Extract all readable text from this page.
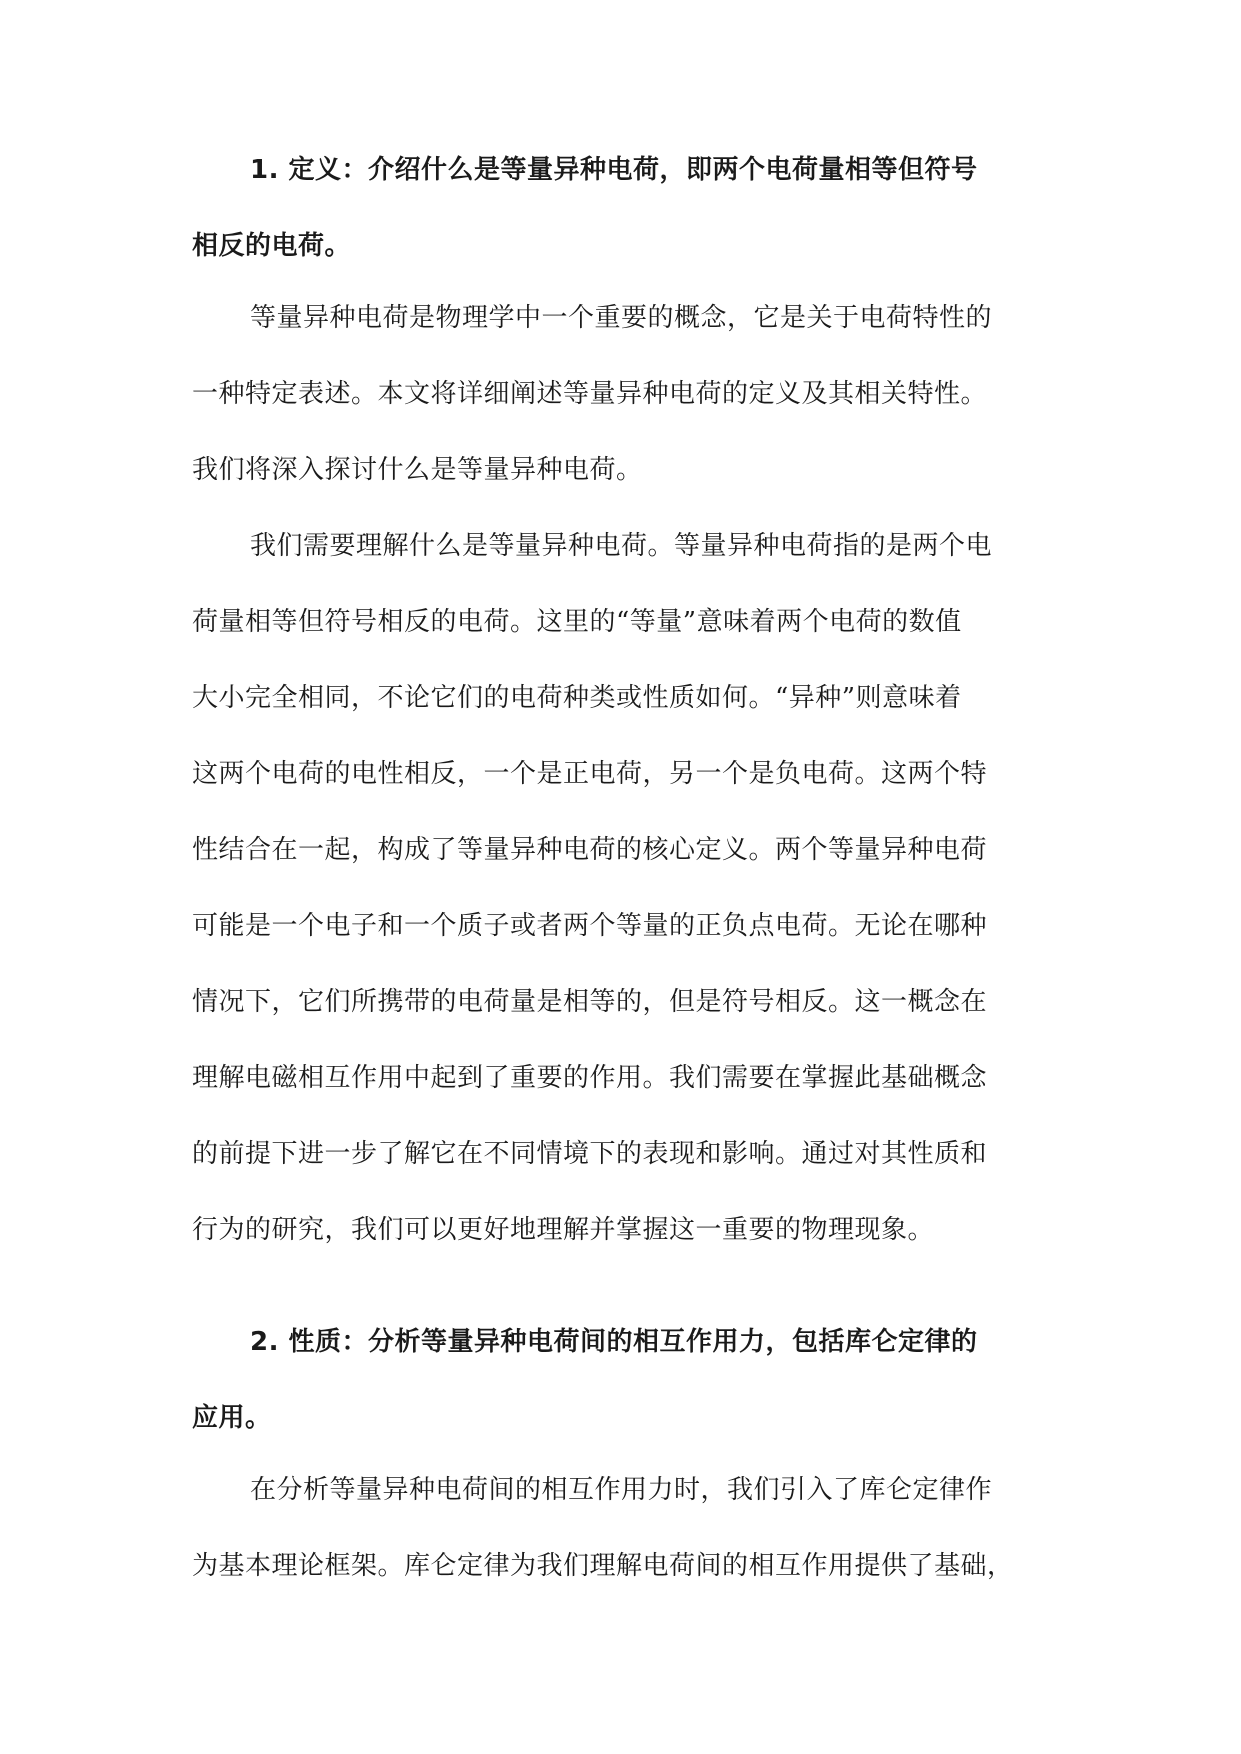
1. 定义：介绍什么是等量异种电荷，即两个电荷量相等但符号

相反的电荷。

等量异种电荷是物理学中一个重要的概念，它是关于电荷特性的

一种特定表述。本文将详细阐述等量异种电荷的定义及其相关特性。

我们将深入探讨什么是等量异种电荷。

我们需要理解什么是等量异种电荷。等量异种电荷指的是两个电

荷量相等但符号相反的电荷。这里的“等量”意味着两个电荷的数值

大小完全相同，不论它们的电荷种类或性质如何。“异种”则意味着

这两个电荷的电性相反，一个是正电荷，另一个是负电荷。这两个特

性结合在一起，构成了等量异种电荷的核心定义。两个等量异种电荷

可能是一个电子和一个质子或者两个等量的正负点电荷。无论在哪种

情况下，它们所携带的电荷量是相等的，但是符号相反。这一概念在

理解电磁相互作用中起到了重要的作用。我们需要在掌握此基础概念

的前提下进一步了解它在不同情境下的表现和影响。通过对其性质和

行为的研究，我们可以更好地理解并掌握这一重要的物理现象。

2. 性质：分析等量异种电荷间的相互作用力，包括库仑定律的

应用。

在分析等量异种电荷间的相互作用力时，我们引入了库仑定律作

为基本理论框架。库仑定律为我们理解电荷间的相互作用提供了基础，
